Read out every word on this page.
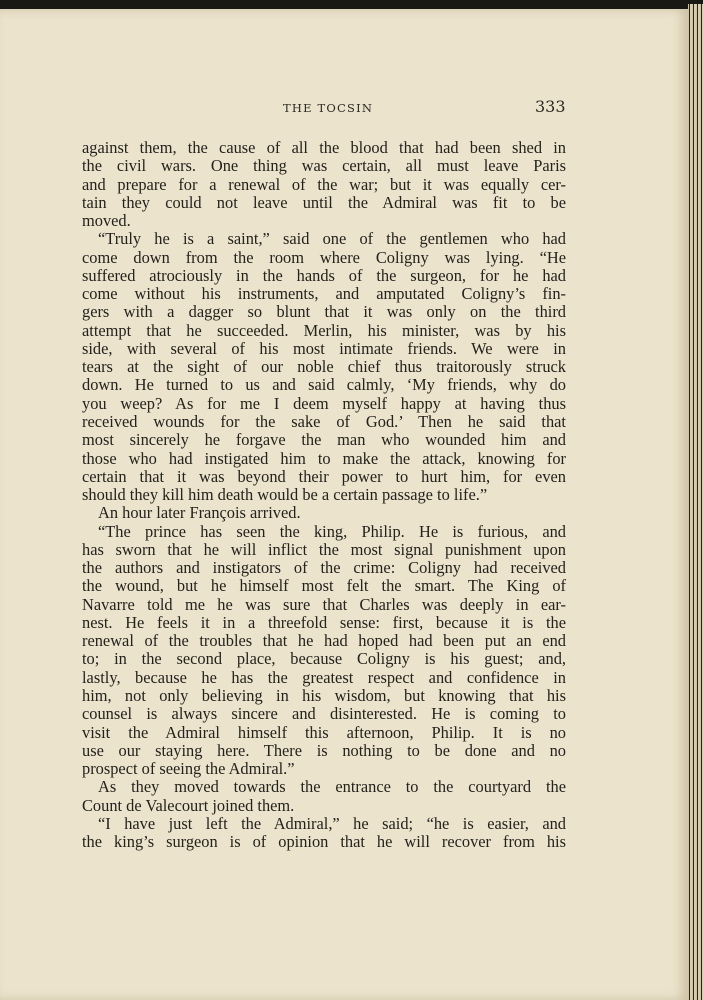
THE TOCSIN	333
against them, the cause of all the blood that had been shed in
the civil wars. One thing was certain, all must leave Paris
and prepare for a renewal of the war; but it was equally cer-
tain they could not leave until the Admiral was fit to be
moved.
“Truly he is a saint,” said one of the gentlemen who had
come down from the room where Coligny was lying. “He
suffered atrociously in the hands of the surgeon, for he had
come without his instruments, and amputated Coligny’s fin-
gers with a dagger so blunt that it was only on the third
attempt that he succeeded. Merlin, his minister, was by his
side, with several of his most intimate friends. We were in
tears at the sight of our noble chief thus traitorously struck
down. He turned to us and said calmly, ‘My friends, why do
you weep? As for me I deem myself happy at having thus
received wounds for the sake of God.’ Then he said that
most sincerely he forgave the man who wounded him and
those who had instigated him to make the attack, knowing for
certain that it was beyond their power to hurt him, for even
should they kill him death would be a certain passage to life.”
An hour later François arrived.
“The prince has seen the king, Philip. He is furious, and
has sworn that he will inflict the most signal punishment upon
the authors and instigators of the crime: Coligny had received
the wound, but he himself most felt the smart. The King of
Navarre told me he was sure that Charles was deeply in ear-
nest. He feels it in a threefold sense: first, because it is the
renewal of the troubles that he had hoped had been put an end
to; in the second place, because Coligny is his guest; and,
lastly, because he has the greatest respect and confidence in
him, not only believing in his wisdom, but knowing that his
counsel is always sincere and disinterested. He is coming to
visit the Admiral himself this afternoon, Philip. It is no
use our staying here. There is nothing to be done and no
prospect of seeing the Admiral.”
As they moved towards the entrance to the courtyard the
Count de Valecourt joined them.
“I have just left the Admiral,” he said; “he is easier, and
the king’s surgeon is of opinion that he will recover from his
